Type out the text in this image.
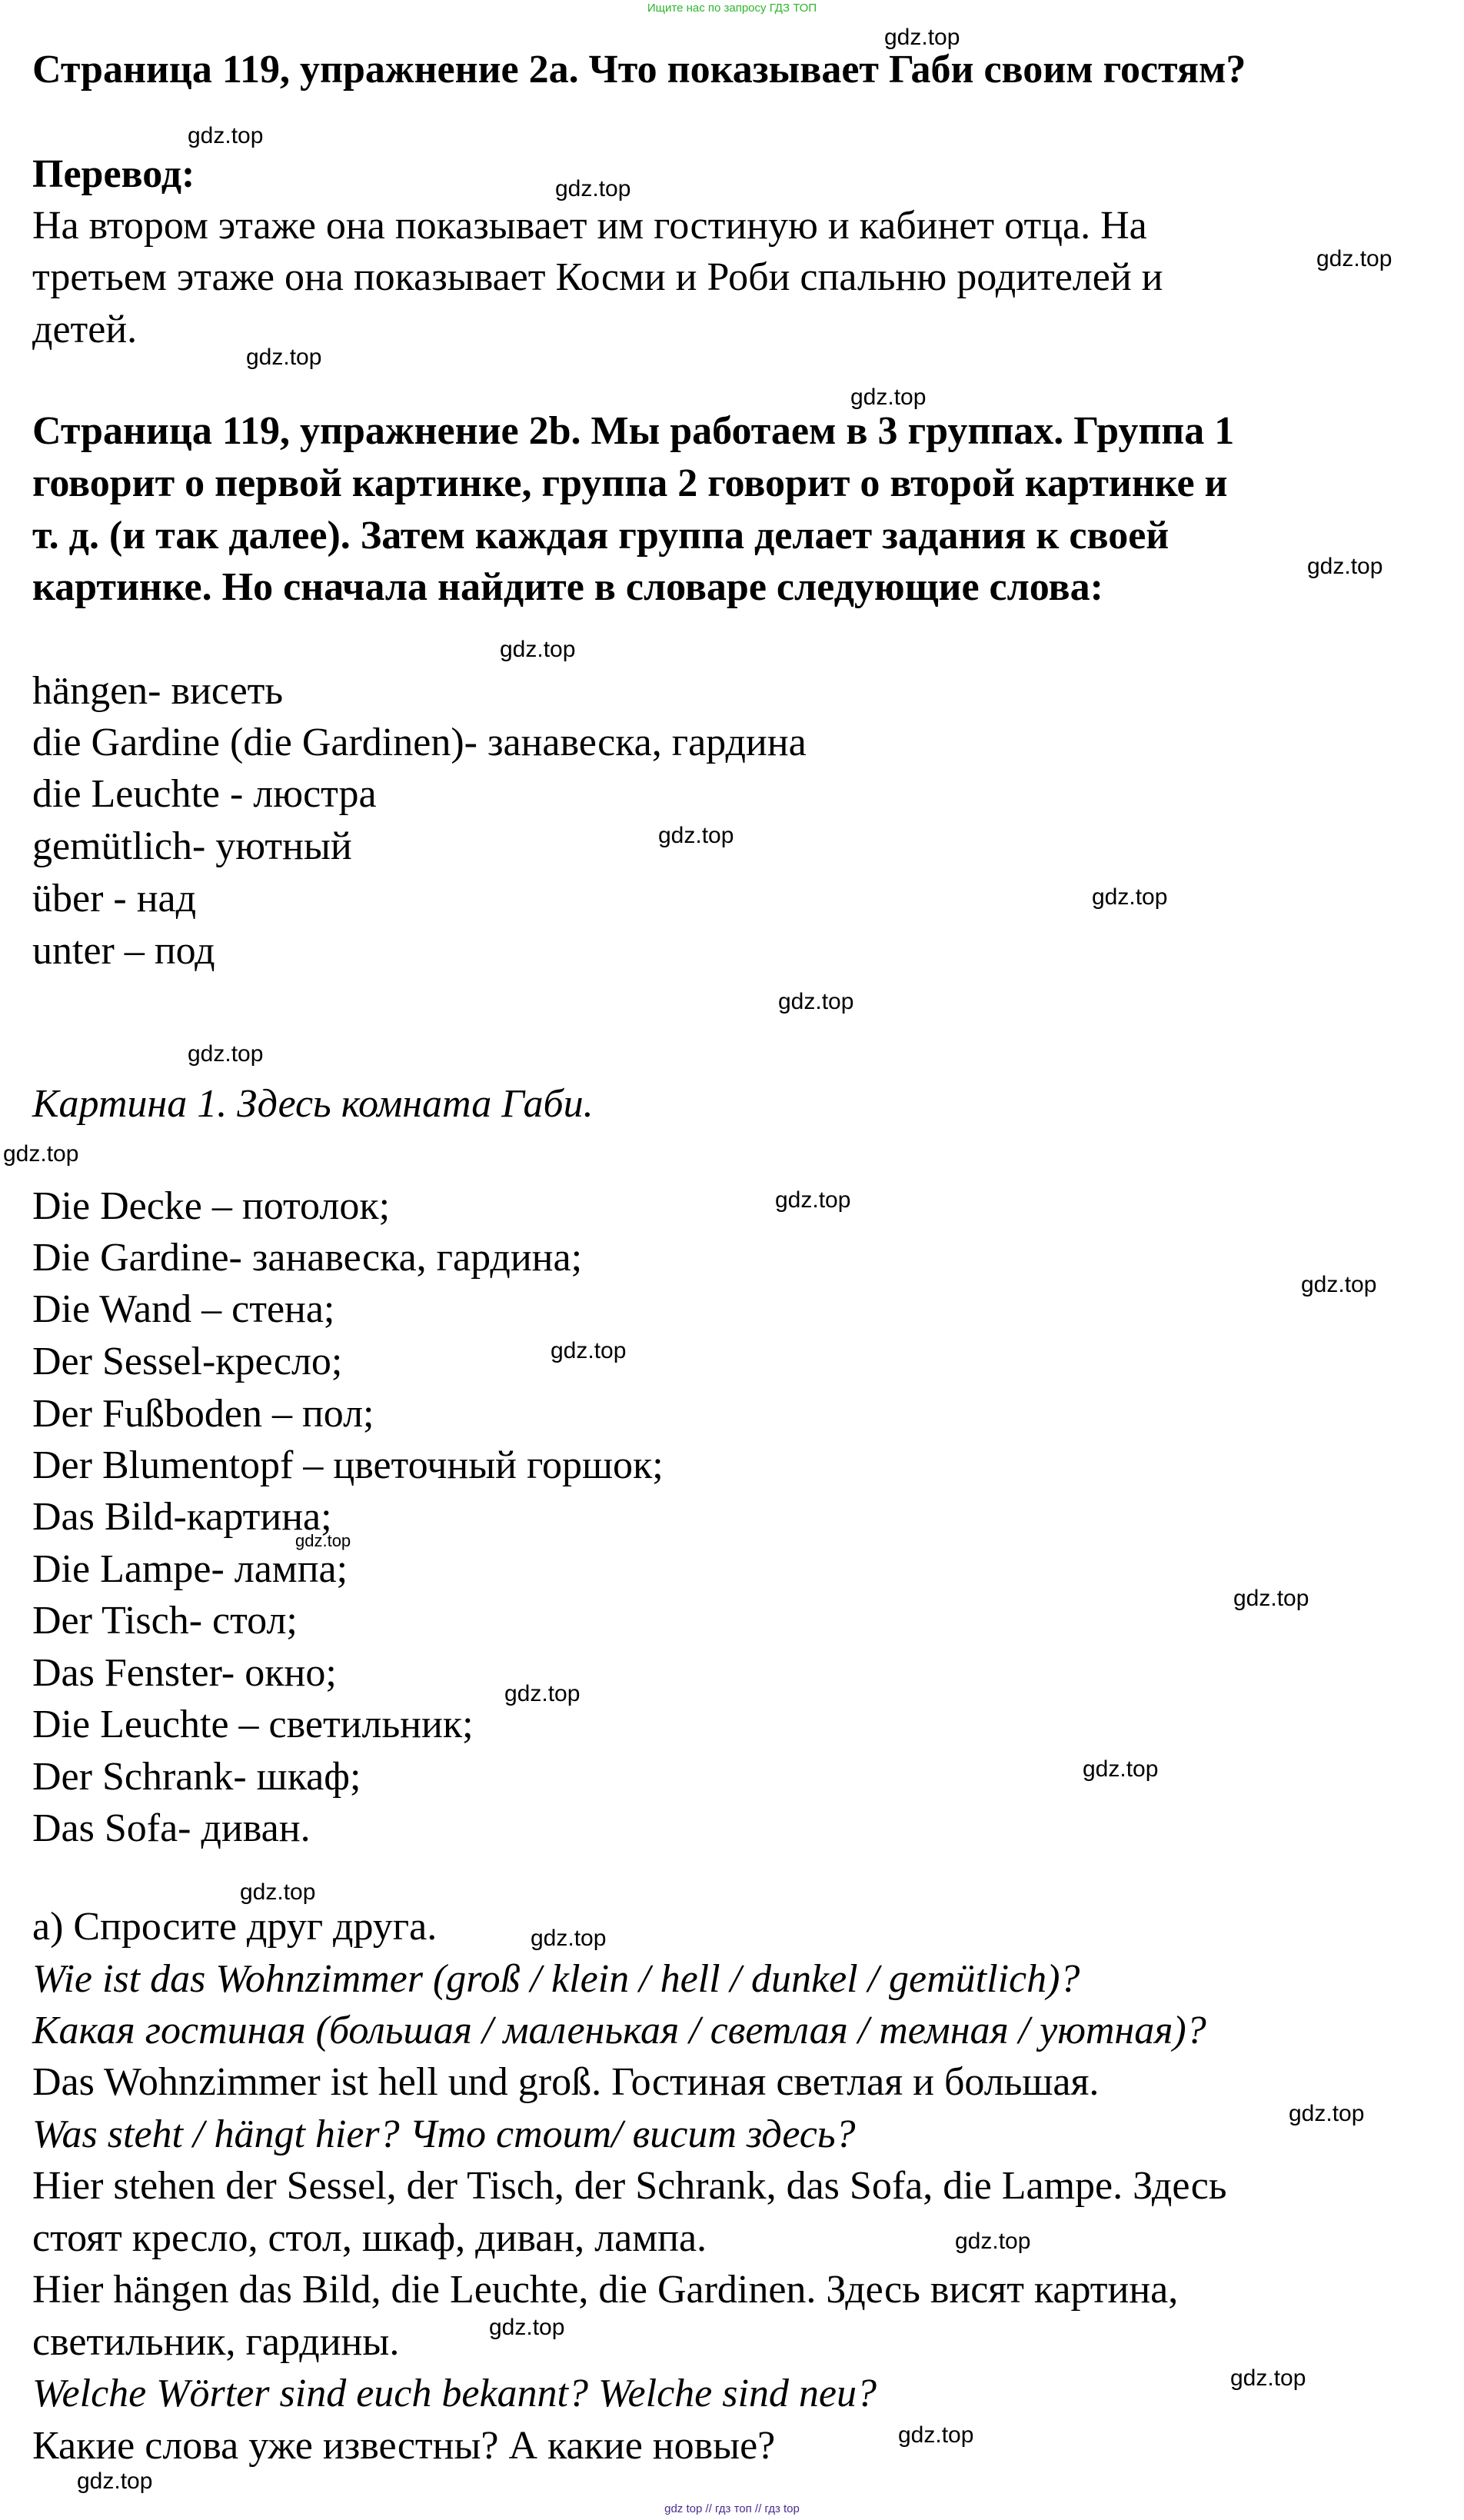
Ищите нас по запросу ГДЗ ТОП
Страница 119, упражнение 2a. Что показывает Габи своим гостям?
Перевод:
На втором этаже она показывает им гостиную и кабинет отца. На
третьем этаже она показывает Косми и Роби спальню родителей и
детей.
Страница 119, упражнение 2b. Мы работаем в 3 группах. Группа 1
говорит о первой картинке, группа 2 говорит о второй картинке и
т. д. (и так далее). Затем каждая группа делает задания к своей
картинке. Но сначала найдите в словаре следующие слова:
hängen- висеть
die Gardine (die Gardinen)- занавеска, гардина
die Leuchte - люстра
gemütlich- уютный
über - над
unter – под
Картина 1. Здесь комната Габи.
Die Decke – потолок;
Die Gardine- занавеска, гардина;
Die Wand – стена;
Der Sessel-кресло;
Der Fußboden – пол;
Der Blumentopf – цветочный горшок;
Das Bild-картина;
Die Lampe- лампа;
Der Tisch- стол;
Das Fenster- окно;
Die Leuchte – светильник;
Der Schrank- шкаф;
Das Sofa- диван.
а) Спросите друг друга.
Wie ist das Wohnzimmer (groß / klein / hell / dunkel / gemütlich)?
Какая гостиная (большая / маленькая / светлая / темная / уютная)?
Das Wohnzimmer ist hell und groß. Гостиная светлая и большая.
Was steht / hängt hier? Что стоит/ висит здесь?
Hier stehen der Sessel, der Tisch, der Schrank, das Sofa, die Lampe. Здесь
стоят кресло, стол, шкаф, диван, лампа.
Hier hängen das Bild, die Leuchte, die Gardinen. Здесь висят картина,
светильник, гардины.
Welche Wörter sind euch bekannt? Welche sind neu?
Какие слова уже известны? А какие новые?
gdz.top
gdz.top
gdz.top
gdz.top
gdz.top
gdz.top
gdz.top
gdz.top
gdz.top
gdz.top
gdz.top
gdz.top
gdz.top
gdz.top
gdz.top
gdz.top
gdz.top
gdz.top
gdz.top
gdz.top
gdz.top
gdz.top
gdz.top
gdz.top
gdz.top
gdz.top
gdz.top
gdz.top
gdz top // гдз топ // гдз top
